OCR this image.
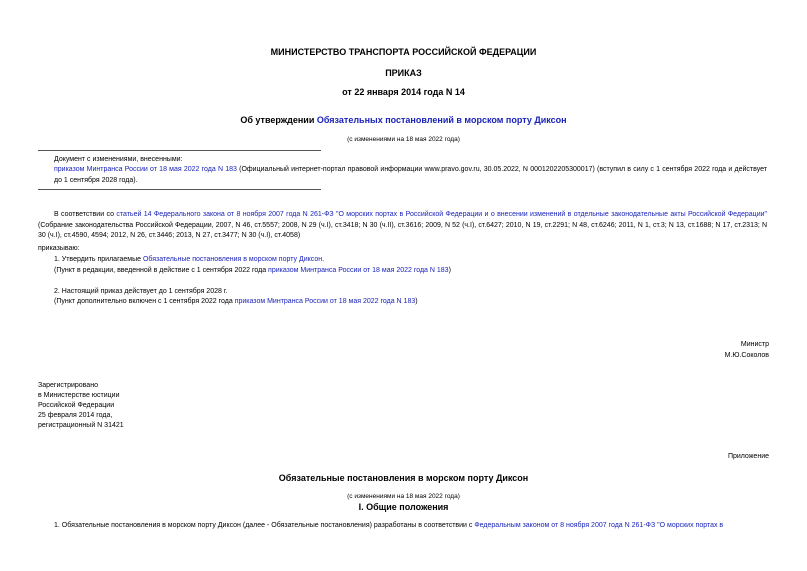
МИНИСТЕРСТВО ТРАНСПОРТА РОССИЙСКОЙ ФЕДЕРАЦИИ
ПРИКАЗ
от 22 января 2014 года N 14
Об утверждении Обязательных постановлений в морском порту Диксон
(с изменениями на 18 мая 2022 года)
Документ с изменениями, внесенными:
приказом Минтранса России от 18 мая 2022 года N 183 (Официальный интернет-портал правовой информации www.pravo.gov.ru, 30.05.2022, N 0001202205300017) (вступил в силу с 1 сентября 2022 года и действует до 1 сентября 2028 года).
В соответствии со статьей 14 Федерального закона от 8 ноября 2007 года N 261-ФЗ "О морских портах в Российской Федерации и о внесении изменений в отдельные законодательные акты Российской Федерации" (Собрание законодательства Российской Федерации, 2007, N 46, ст.5557; 2008, N 29 (ч.I), ст.3418; N 30 (ч.II), ст.3616; 2009, N 52 (ч.I), ст.6427; 2010, N 19, ст.2291; N 48, ст.6246; 2011, N 1, ст.3; N 13, ст.1688; N 17, ст.2313; N 30 (ч.I), ст.4590, 4594; 2012, N 26, ст.3446; 2013, N 27, ст.3477; N 30 (ч.I), ст.4058)
приказываю:
1. Утвердить прилагаемые Обязательные постановления в морском порту Диксон.
(Пункт в редакции, введенной в действие с 1 сентября 2022 года приказом Минтранса России от 18 мая 2022 года N 183)
2. Настоящий приказ действует до 1 сентября 2028 г.
(Пункт дополнительно включен с 1 сентября 2022 года приказом Минтранса России от 18 мая 2022 года N 183)
Министр
М.Ю.Соколов
Зарегистрировано
в Министерстве юстиции
Российской Федерации
25 февраля 2014 года,
регистрационный N 31421
Приложение
Обязательные постановления в морском порту Диксон
(с изменениями на 18 мая 2022 года)
I. Общие положения
1. Обязательные постановления в морском порту Диксон (далее - Обязательные постановления) разработаны в соответствии с Федеральным законом от 8 ноября 2007 года N 261-ФЗ "О морских портах в
